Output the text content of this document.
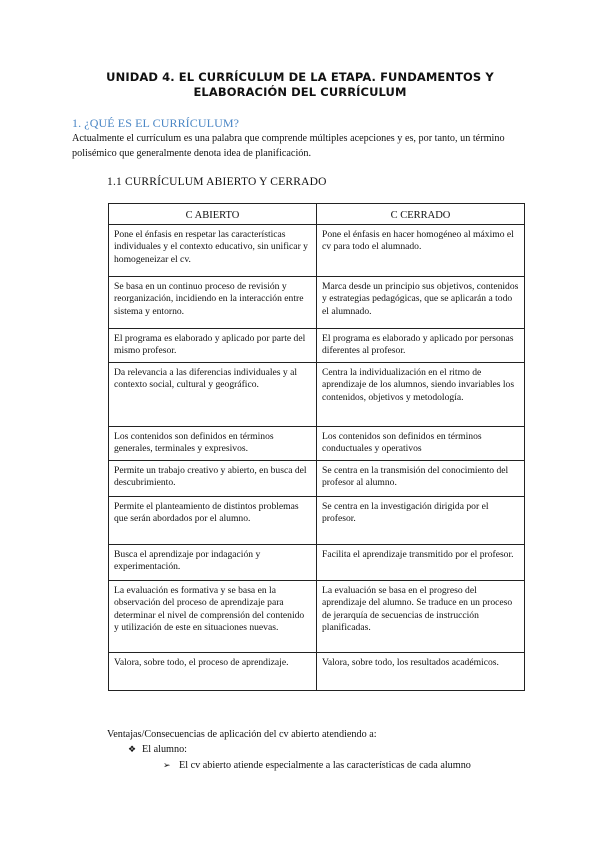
UNIDAD 4. EL CURRÍCULUM DE LA ETAPA. FUNDAMENTOS Y ELABORACIÓN DEL CURRÍCULUM
1. ¿QUÉ ES EL CURRÍCULUM?
Actualmente el currículum es una palabra que comprende múltiples acepciones y es, por tanto, un término polisémico que generalmente denota idea de planificación.
1.1 CURRÍCULUM ABIERTO Y CERRADO
C ABIERTO	C CERRADO
Pone el énfasis en respetar las características individuales y el contexto educativo, sin unificar y homogeneizar el cv.	Pone el énfasis en hacer homogéneo al máximo el cv para todo el alumnado.
Se basa en un continuo proceso de revisión y reorganización, incidiendo en la interacción entre sistema y entorno.	Marca desde un principio sus objetivos, contenidos y estrategias pedagógicas, que se aplicarán a todo el alumnado.
El programa es elaborado y aplicado por parte del mismo profesor.	El programa es elaborado y aplicado por personas diferentes al profesor.
Da relevancia a las diferencias individuales y al contexto social, cultural y geográfico.	Centra la individualización en el ritmo de aprendizaje de los alumnos, siendo invariables los contenidos, objetivos y metodología.
Los contenidos son definidos en términos generales, terminales y expresivos.	Los contenidos son definidos en términos conductuales y operativos
Permite un trabajo creativo y abierto, en busca del descubrimiento.	Se centra en la transmisión del conocimiento del profesor al alumno.
Permite el planteamiento de distintos problemas que serán abordados por el alumno.	Se centra en la investigación dirigida por el profesor.
Busca el aprendizaje por indagación y experimentación.	Facilita el aprendizaje transmitido por el profesor.
La evaluación es formativa y se basa en la observación del proceso de aprendizaje para determinar el nivel de comprensión del contenido y utilización de este en situaciones nuevas.	La evaluación se basa en el progreso del aprendizaje del alumno. Se traduce en un proceso de jerarquía de secuencias de instrucción planificadas.
Valora, sobre todo, el proceso de aprendizaje.	Valora, sobre todo, los resultados académicos.
Ventajas/Consecuencias de aplicación del cv abierto atendiendo a:
❖ El alumno:
➢ El cv abierto atiende especialmente a las características de cada alumno
